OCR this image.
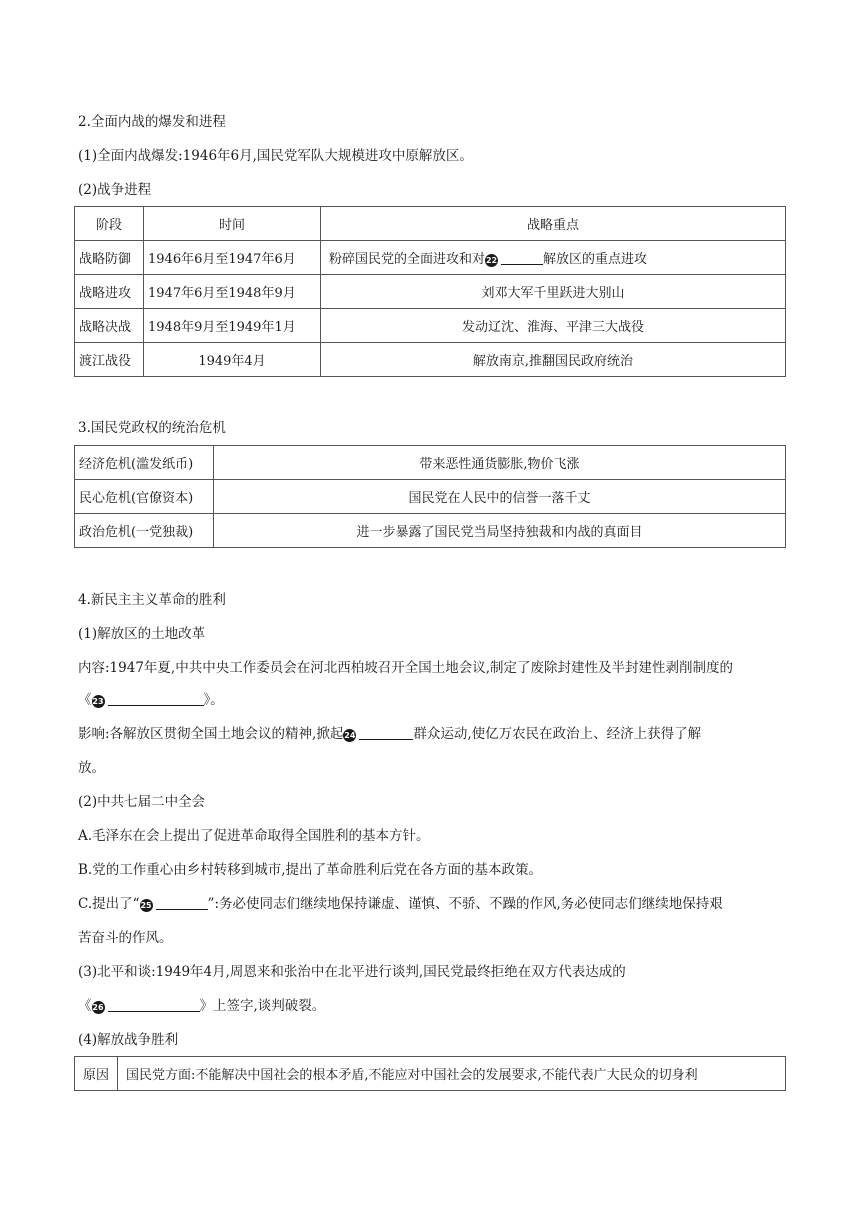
2.全面内战的爆发和进程
(1)全面内战爆发:1946年6月,国民党军队大规模进攻中原解放区。
(2)战争进程
阶段	时间	战略重点
战略防御	1946年6月至1947年6月	粉碎国民党的全面进攻和对22 解放区的重点进攻
战略进攻	1947年6月至1948年9月	刘邓大军千里跃进大别山
战略决战	1948年9月至1949年1月	发动辽沈、淮海、平津三大战役
渡江战役	1949年4月	解放南京,推翻国民政府统治
3.国民党政权的统治危机
经济危机(滥发纸币)	带来恶性通货膨胀,物价飞涨
民心危机(官僚资本)	国民党在人民中的信誉一落千丈
政治危机(一党独裁)	进一步暴露了国民党当局坚持独裁和内战的真面目
4.新民主主义革命的胜利
(1)解放区的土地改革
内容:1947年夏,中共中央工作委员会在河北西柏坡召开全国土地会议,制定了废除封建性及半封建性剥削制度的
《23	》。
影响:各解放区贯彻全国土地会议的精神,掀起24	群众运动,使亿万农民在政治上、经济上获得了解
放。
(2)中共七届二中全会
A.毛泽东在会上提出了促进革命取得全国胜利的基本方针。
B.党的工作重心由乡村转移到城市,提出了革命胜利后党在各方面的基本政策。
C.提出了“25	”:务必使同志们继续地保持谦虚、谨慎、不骄、不躁的作风,务必使同志们继续地保持艰
苦奋斗的作风。
(3)北平和谈:1949年4月,周恩来和张治中在北平进行谈判,国民党最终拒绝在双方代表达成的
《26	》上签字,谈判破裂。
(4)解放战争胜利
原因	国民党方面:不能解决中国社会的根本矛盾,不能应对中国社会的发展要求,不能代表广大民众的切身利
